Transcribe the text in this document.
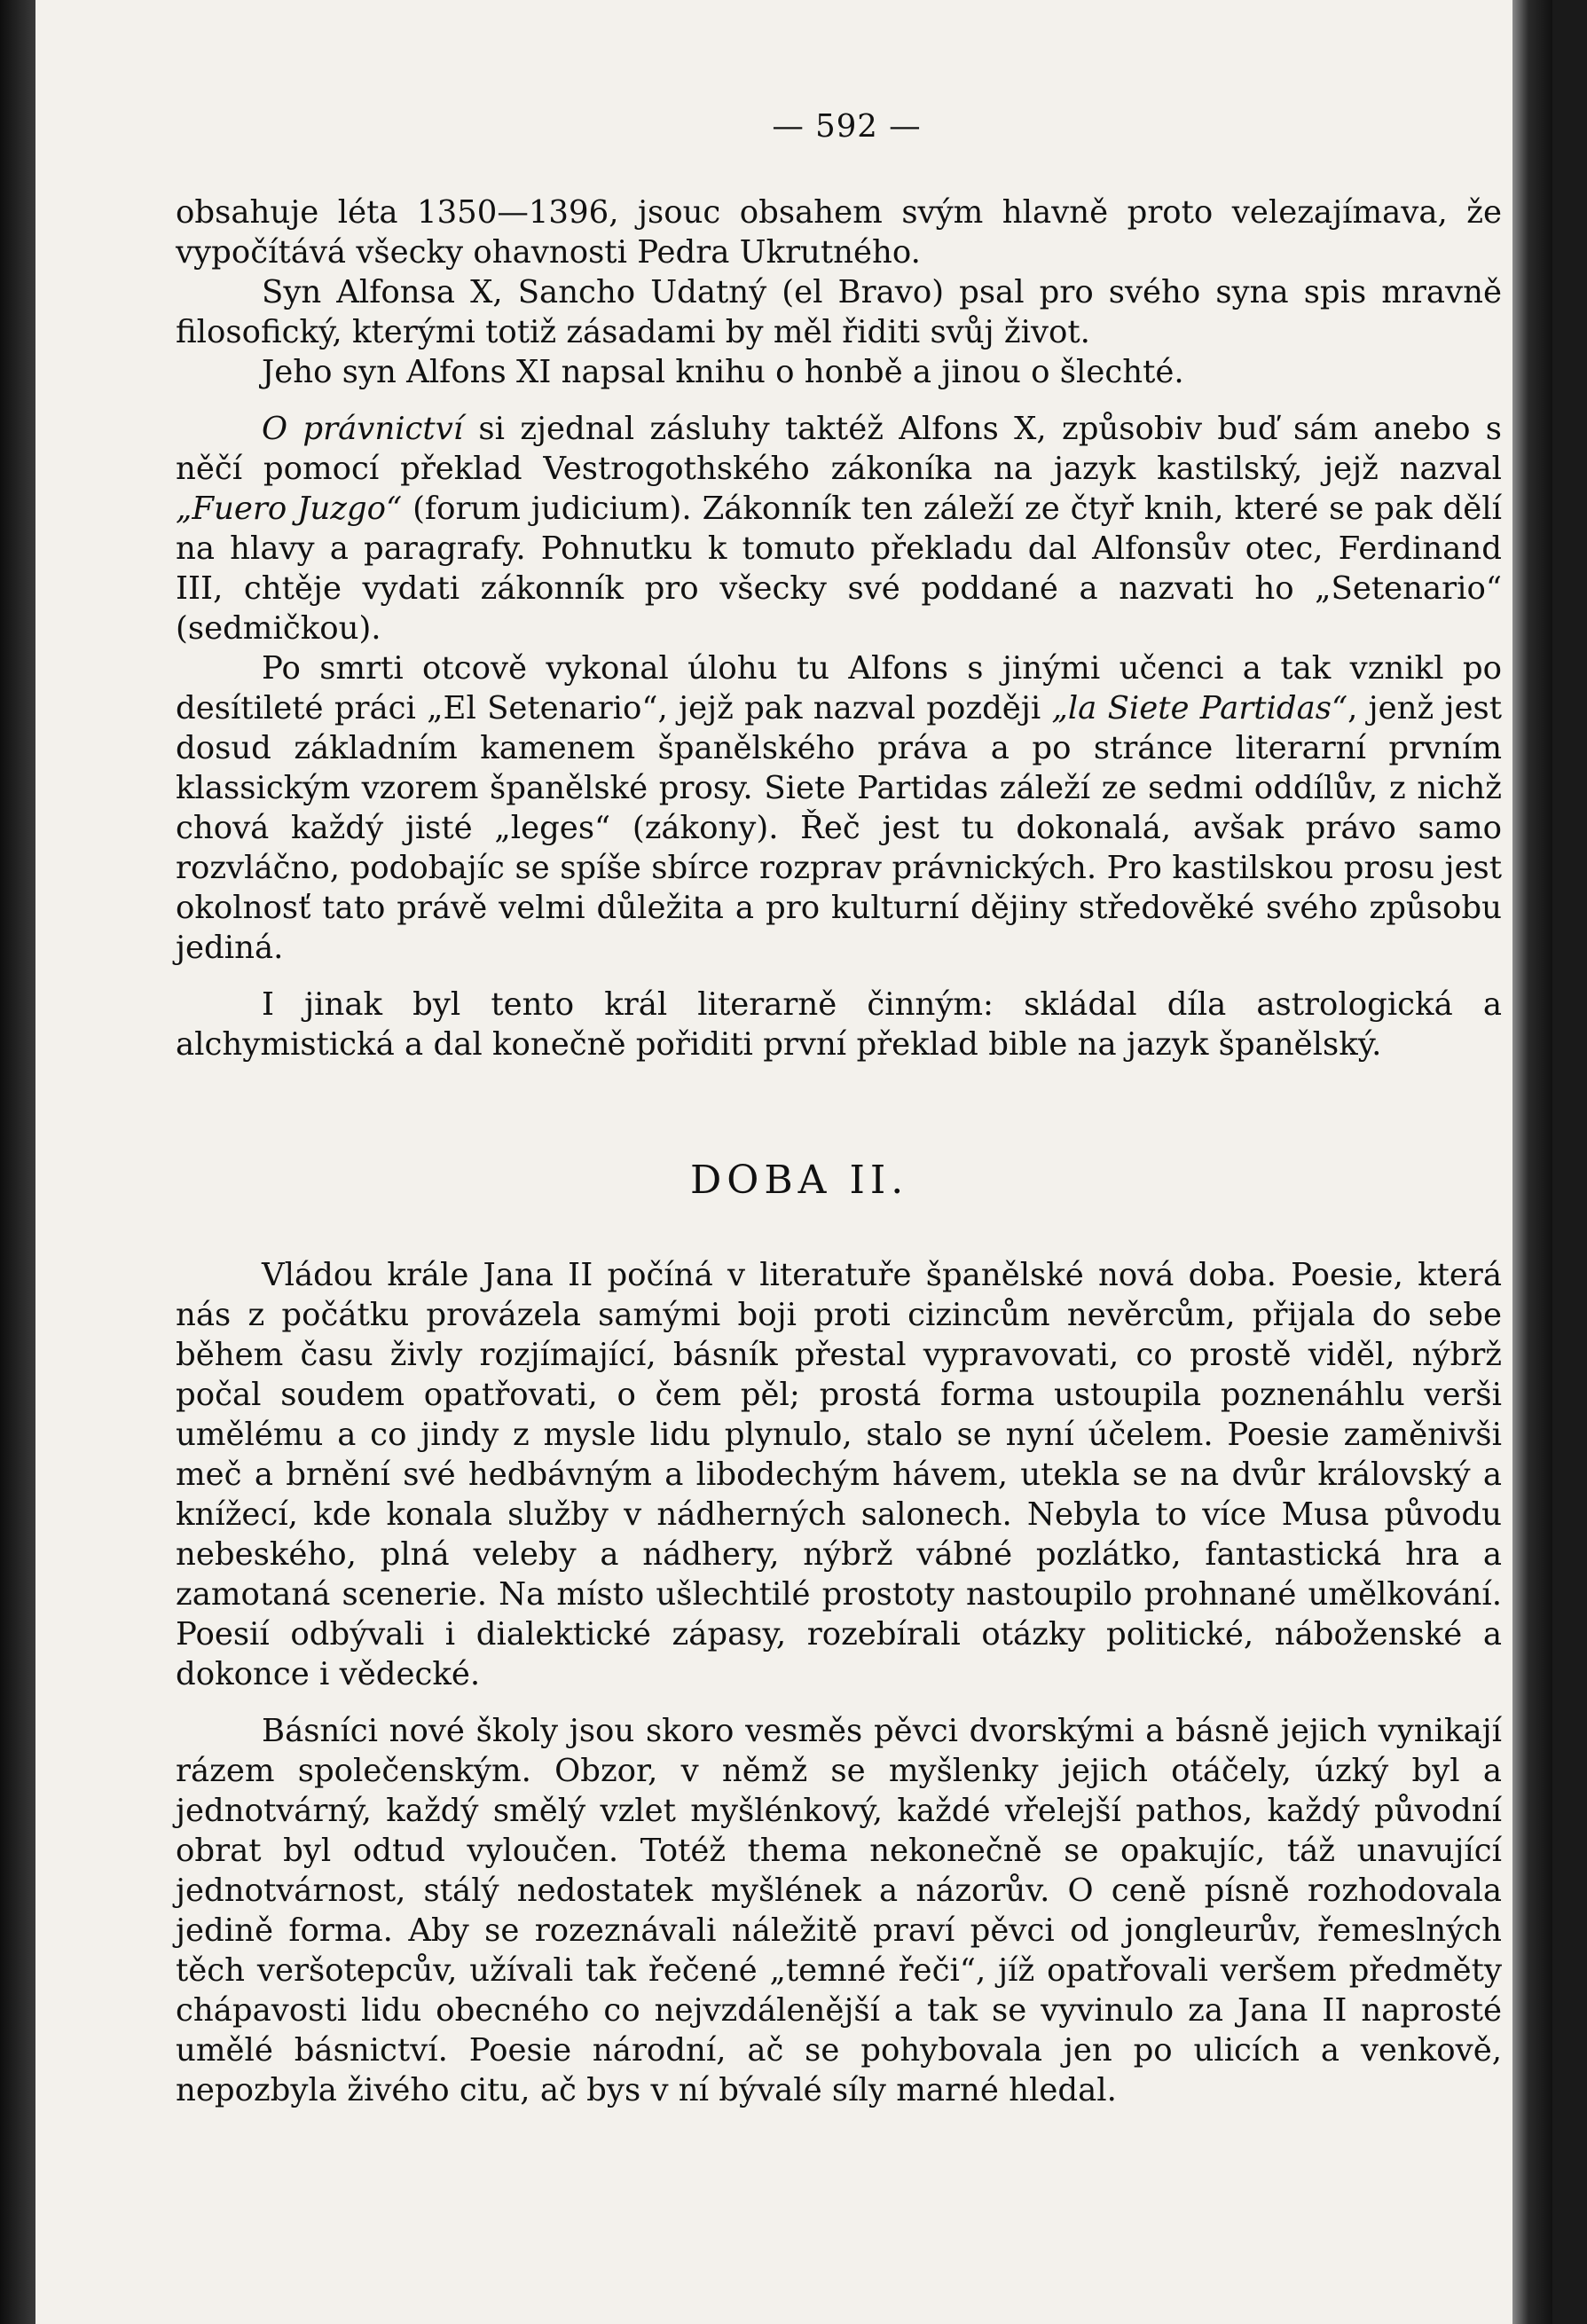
— 592 —

obsahuje léta 1350—1396, jsouc obsahem svým hlavně proto velezajímava, že vypočítává všecky ohavnosti Pedra Ukrutného.

Syn Alfonsa X, Sancho Udatný (el Bravo) psal pro svého syna spis mravně filosofický, kterými totiž zásadami by měl řiditi svůj život.

Jeho syn Alfons XI napsal knihu o honbě a jinou o šlechté.

O právnictví si zjednal zásluhy taktéž Alfons X, způsobiv buď sám anebo s něčí pomocí překlad Vestrogothského zákoníka na jazyk kastilský, jejž nazval „Fuero Juzgo“ (forum judicium). Zákonník ten záleží ze čtyř knih, které se pak dělí na hlavy a paragrafy. Pohnutku k tomuto překladu dal Alfonsův otec, Ferdinand III, chtěje vydati zákonník pro všecky své poddané a nazvati ho „Setenario“ (sedmičkou).

Po smrti otcově vykonal úlohu tu Alfons s jinými učenci a tak vznikl po desítileté práci „El Setenario“, jejž pak nazval později „la Siete Partidas“, jenž jest dosud základním kamenem španělského práva a po stránce literarní prvním klassickým vzorem španělské prosy. Siete Partidas záleží ze sedmi oddílův, z nichž chová každý jisté „leges“ (zákony). Řeč jest tu dokonalá, avšak právo samo rozvláčno, podobajíc se spíše sbírce rozprav právnických. Pro kastilskou prosu jest okolnosť tato právě velmi důležita a pro kulturní dějiny středověké svého způsobu jediná.

I jinak byl tento král literarně činným: skládal díla astrologická a alchymistická a dal konečně pořiditi první překlad bible na jazyk španělský.

DOBA II.

Vládou krále Jana II počíná v literatuře španělské nová doba. Poesie, která nás z počátku provázela samými boji proti cizincům nevěrcům, přijala do sebe během času živly rozjímající, básník přestal vypravovati, co prostě viděl, nýbrž počal soudem opatřovati, o čem pěl; prostá forma ustoupila poznenáhlu verši umělému a co jindy z mysle lidu plynulo, stalo se nyní účelem. Poesie zaměnivši meč a brnění své hedbávným a libodechým hávem, utekla se na dvůr královský a knížecí, kde konala služby v nádherných salonech. Nebyla to více Musa původu nebeského, plná veleby a nádhery, nýbrž vábné pozlátko, fantastická hra a zamotaná scenerie. Na místo ušlechtilé prostoty nastoupilo prohnané umělkování. Poesií odbývali i dialektické zápasy, rozebírali otázky politické, náboženské a dokonce i vědecké.

Básníci nové školy jsou skoro vesměs pěvci dvorskými a básně jejich vynikají rázem společenským. Obzor, v němž se myšlenky jejich otáčely, úzký byl a jednotvárný, každý smělý vzlet myšlénkový, každé vřelejší pathos, každý původní obrat byl odtud vyloučen. Totéž thema nekonečně se opakujíc, táž unavující jednotvárnost, stálý nedostatek myšlének a názorův. O ceně písně rozhodovala jedině forma. Aby se rozeznávali náležitě praví pěvci od jongleurův, řemeslných těch veršotepcův, užívali tak řečené „temné řeči“, jíž opatřovali veršem předměty chápavosti lidu obecného co nejvzdálenější a tak se vyvinulo za Jana II naprosté umělé básnictví. Poesie národní, ač se pohybovala jen po ulicích a venkově, nepozbyla živého citu, ač bys v ní bývalé síly marné hledal.
